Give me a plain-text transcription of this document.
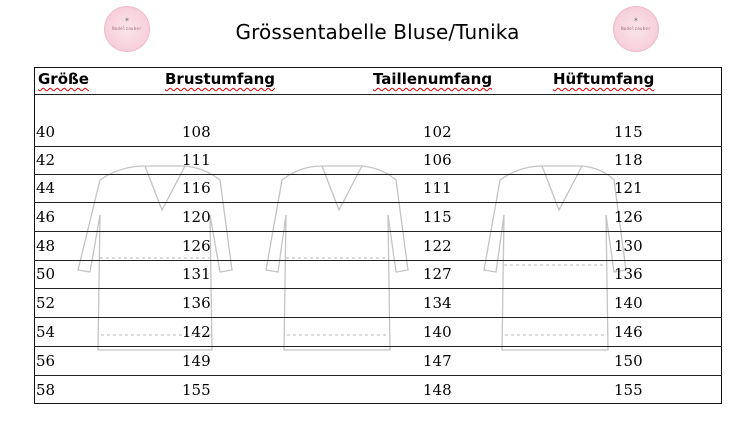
✶
Nadelzauber
✶
Nadelzauber
Grössentabelle Bluse/Tunika
Größe	Brustumfang	Taillenumfang	Hüftumfang
40	108	102	115
42	111	106	118
44	116	111	121
46	120	115	126
48	126	122	130
50	131	127	136
52	136	134	140
54	142	140	146
56	149	147	150
58	155	148	155
